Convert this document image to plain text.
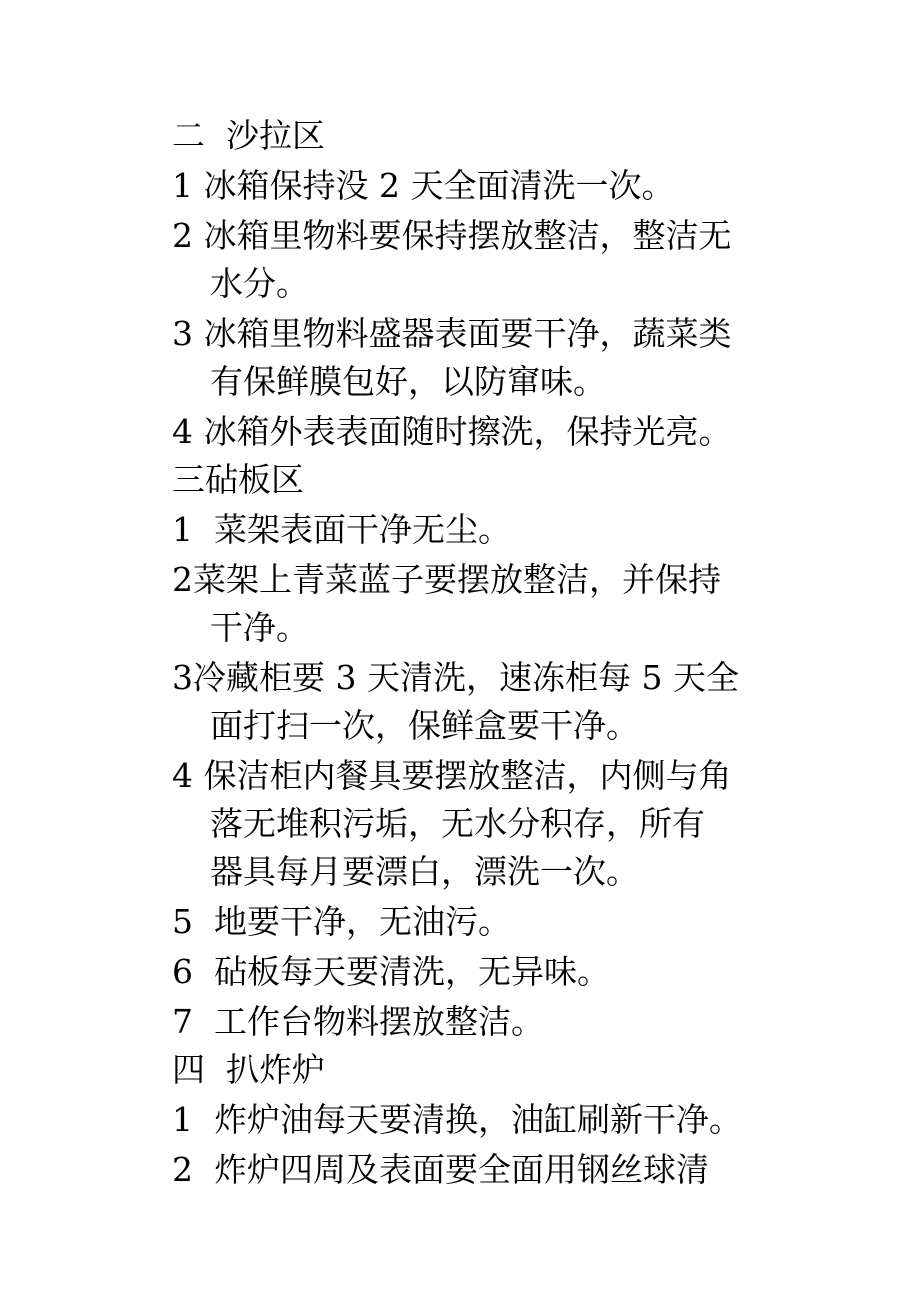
二  沙拉区
1 冰箱保持没 2 天全面清洗一次。
2 冰箱里物料要保持摆放整洁，整洁无
水分。
3 冰箱里物料盛器表面要干净，蔬菜类
有保鲜膜包好，以防窜味。
4 冰箱外表表面随时擦洗，保持光亮。
三砧板区
1  菜架表面干净无尘。
2菜架上青菜蓝子要摆放整洁，并保持
干净。
3冷藏柜要 3 天清洗，速冻柜每 5 天全
面打扫一次，保鲜盒要干净。
4 保洁柜内餐具要摆放整洁，内侧与角
落无堆积污垢，无水分积存，所有
器具每月要漂白，漂洗一次。
5  地要干净，无油污。
6  砧板每天要清洗，无异味。
7  工作台物料摆放整洁。
四  扒炸炉
1  炸炉油每天要清换，油缸刷新干净。
2  炸炉四周及表面要全面用钢丝球清
